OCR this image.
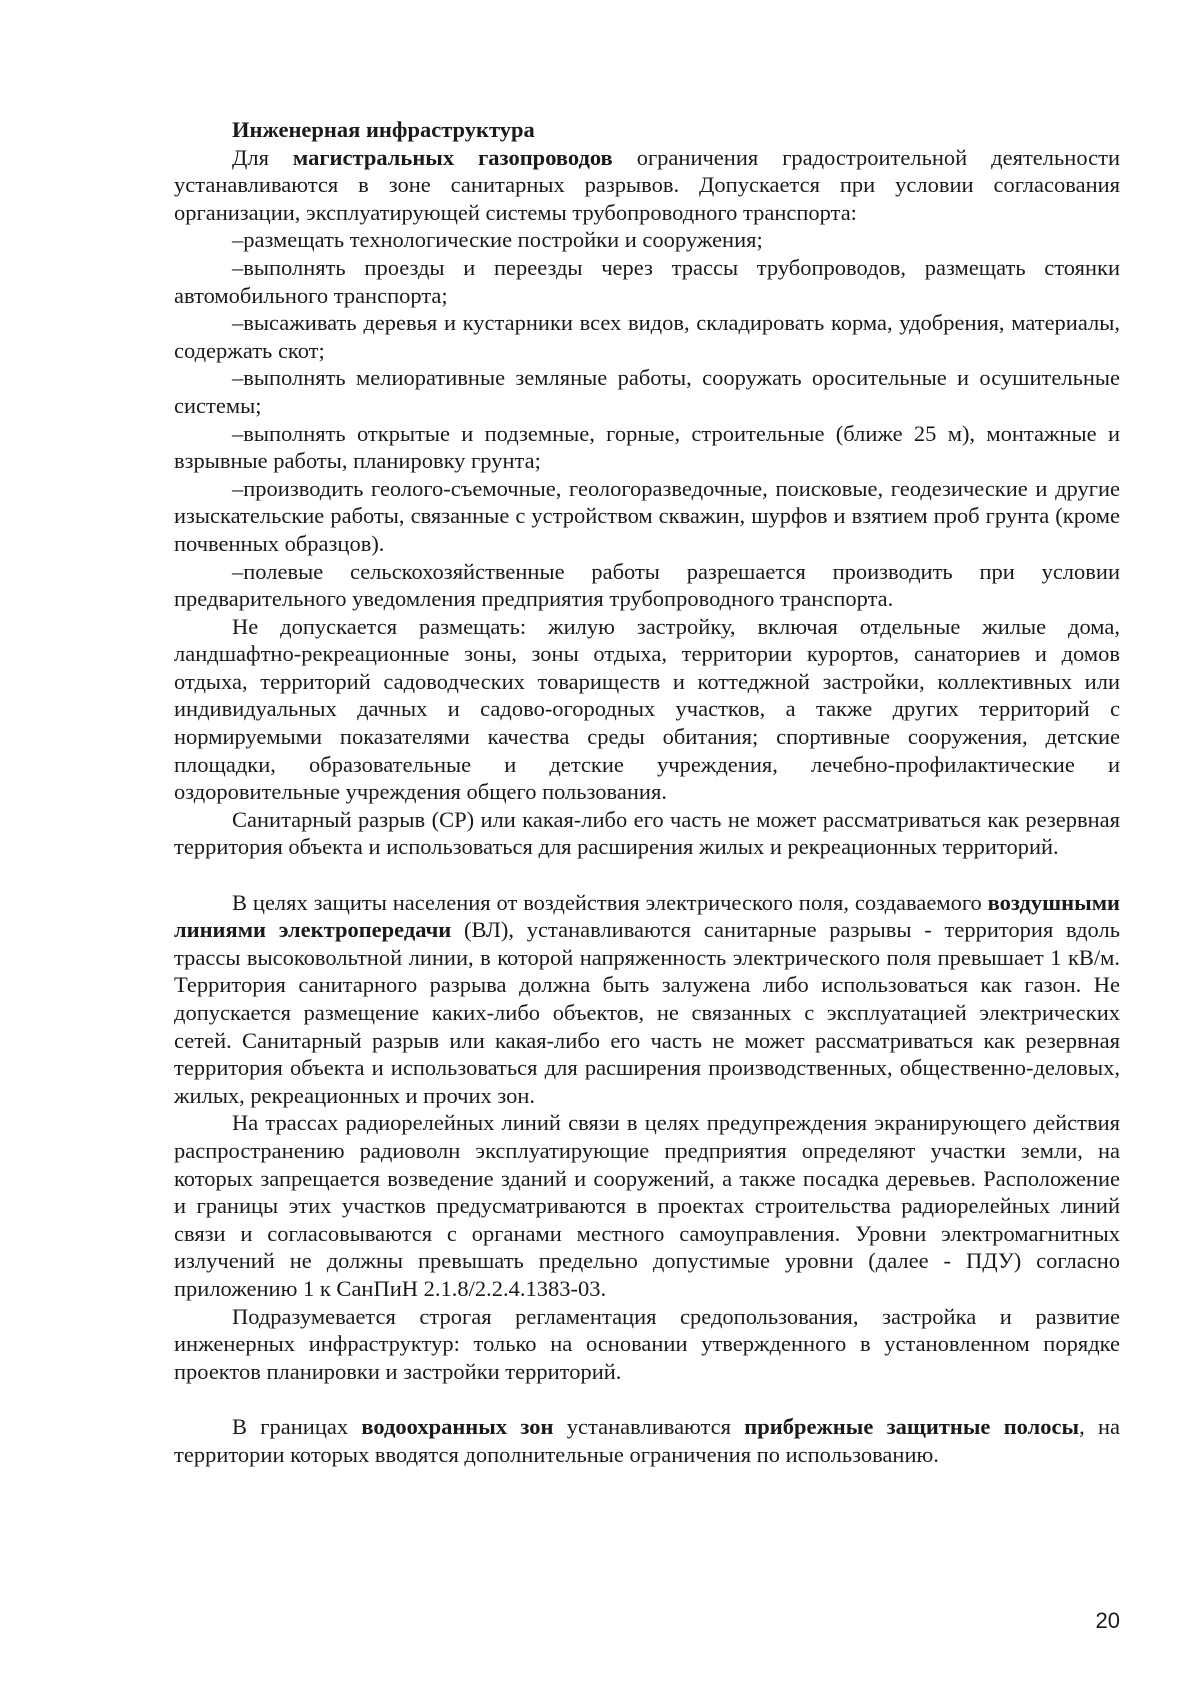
Инженерная инфраструктура

Для магистральных газопроводов ограничения градостроительной деятельности устанавливаются в зоне санитарных разрывов. Допускается при условии согласования организации, эксплуатирующей системы трубопроводного транспорта:

–размещать технологические постройки и сооружения;

–выполнять проезды и переезды через трассы трубопроводов, размещать стоянки автомобильного транспорта;

–высаживать деревья и кустарники всех видов, складировать корма, удобрения, материалы, содержать скот;

–выполнять мелиоративные земляные работы, сооружать оросительные и осушительные системы;

–выполнять открытые и подземные, горные, строительные (ближе 25 м), монтажные и взрывные работы, планировку грунта;

–производить геолого-съемочные, геологоразведочные, поисковые, геодезические и другие изыскательские работы, связанные с устройством скважин, шурфов и взятием проб грунта (кроме почвенных образцов).

–полевые сельскохозяйственные работы разрешается производить при условии предварительного уведомления предприятия трубопроводного транспорта.

Не допускается размещать: жилую застройку, включая отдельные жилые дома, ландшафтно-рекреационные зоны, зоны отдыха, территории курортов, санаториев и домов отдыха, территорий садоводческих товариществ и коттеджной застройки, коллективных или индивидуальных дачных и садово-огородных участков, а также других территорий с нормируемыми показателями качества среды обитания; спортивные сооружения, детские площадки, образовательные и детские учреждения, лечебно-профилактические и оздоровительные учреждения общего пользования.

Санитарный разрыв (СР) или какая-либо его часть не может рассматриваться как резервная территория объекта и использоваться для расширения жилых и рекреационных территорий.

В целях защиты населения от воздействия электрического поля, создаваемого воздушными линиями электропередачи (ВЛ), устанавливаются санитарные разрывы - территория вдоль трассы высоковольтной линии, в которой напряженность электрического поля превышает 1 кВ/м. Территория санитарного разрыва должна быть залужена либо использоваться как газон. Не допускается размещение каких-либо объектов, не связанных с эксплуатацией электрических сетей. Санитарный разрыв или какая-либо его часть не может рассматриваться как резервная территория объекта и использоваться для расширения производственных, общественно-деловых, жилых, рекреационных и прочих зон.

На трассах радиорелейных линий связи в целях предупреждения экранирующего действия распространению радиоволн эксплуатирующие предприятия определяют участки земли, на которых запрещается возведение зданий и сооружений, а также посадка деревьев. Расположение и границы этих участков предусматриваются в проектах строительства радиорелейных линий связи и согласовываются с органами местного самоуправления. Уровни электромагнитных излучений не должны превышать предельно допустимые уровни (далее - ПДУ) согласно приложению 1 к СанПиН 2.1.8/2.2.4.1383-03.

Подразумевается строгая регламентация средопользования, застройка и развитие инженерных инфраструктур: только на основании утвержденного в установленном порядке проектов планировки и застройки территорий.

В границах водоохранных зон устанавливаются прибрежные защитные полосы, на территории которых вводятся дополнительные ограничения по использованию.

20
